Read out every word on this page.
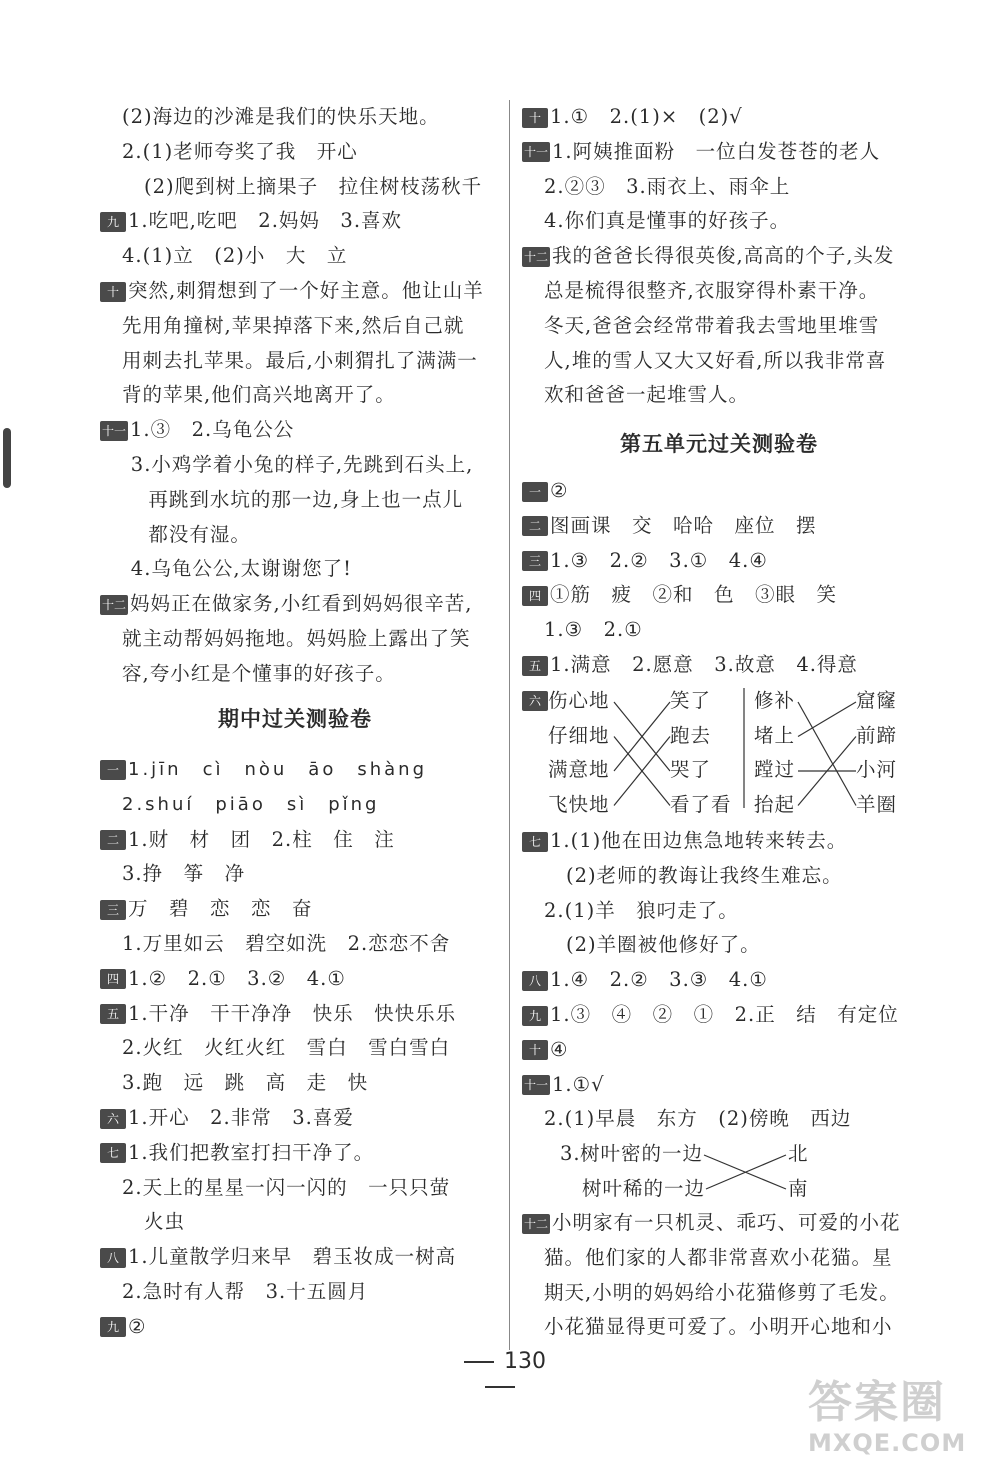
(2)海边的沙滩是我们的快乐天地。
2.(1)老师夸奖了我　开心
(2)爬到树上摘果子　拉住树枝荡秋千
九 1.吃吧,吃吧　2.妈妈　3.喜欢
4.(1)立　(2)小　大　立
十 突然,刺猬想到了一个好主意。他让山羊
先用角撞树,苹果掉落下来,然后自己就
用刺去扎苹果。最后,小刺猬扎了满满一
背的苹果,他们高兴地离开了。
十一 1.③　2.乌龟公公
3.小鸡学着小兔的样子,先跳到石头上,
再跳到水坑的那一边,身上也一点儿
都没有湿。
4.乌龟公公,太谢谢您了!
十二 妈妈正在做家务,小红看到妈妈很辛苦,
就主动帮妈妈拖地。妈妈脸上露出了笑
容,夸小红是个懂事的好孩子。
期中过关测验卷
一 1.jīn　cì　nòu　āo　shàng
2.shuí　piāo　sì　pǐng
二 1.财　材　团　2.柱　住　注
3.挣　筝　净
三 万　碧　恋　恋　奋
1.万里如云　碧空如洗　2.恋恋不舍
四 1.②　2.①　3.②　4.①
五 1.干净　干干净净　快乐　快快乐乐
2.火红　火红火红　雪白　雪白雪白
3.跑　远　跳　高　走　快
六 1.开心　2.非常　3.喜爱
七 1.我们把教室打扫干净了。
2.天上的星星一闪一闪的　一只只萤
火虫
八 1.儿童散学归来早　碧玉妆成一树高
2.急时有人帮　3.十五圆月
九 ②
十 1.①　2.(1)×　(2)√
十一 1.阿姨推面粉　一位白发苍苍的老人
2.②③　3.雨衣上、雨伞上
4.你们真是懂事的好孩子。
十二 我的爸爸长得很英俊,高高的个子,头发
总是梳得很整齐,衣服穿得朴素干净。
冬天,爸爸会经常带着我去雪地里堆雪
人,堆的雪人又大又好看,所以我非常喜
欢和爸爸一起堆雪人。
第五单元过关测验卷
一 ②
二 图画课　交　哈哈　座位　摆
三 1.③　2.②　3.①　4.④
四 ①筋　疲　②和　色　③眼　笑
1.③　2.①
五 1.满意　2.愿意　3.故意　4.得意
六 伤心地	笑了 修补	窟窿
仔细地	跑去 堵上	前蹄
满意地	哭了 蹚过	小河
飞快地	看了看 抬起	羊圈
七 1.(1)他在田边焦急地转来转去。
(2)老师的教诲让我终生难忘。
2.(1)羊　狼叼走了。
(2)羊圈被他修好了。
八 1.④　2.②　3.③　4.①
九 1.③　④　②　①　2.正　结　有定位
十 ④
十一 1.①√
2.(1)早晨　东方　(2)傍晚　西边
3. 树叶密的一边	北
树叶稀的一边	南
十二 小明家有一只机灵、乖巧、可爱的小花
猫。他们家的人都非常喜欢小花猫。星
期天,小明的妈妈给小花猫修剪了毛发。
小花猫显得更可爱了。小明开心地和小
130
答案圈
MXQE.COM
